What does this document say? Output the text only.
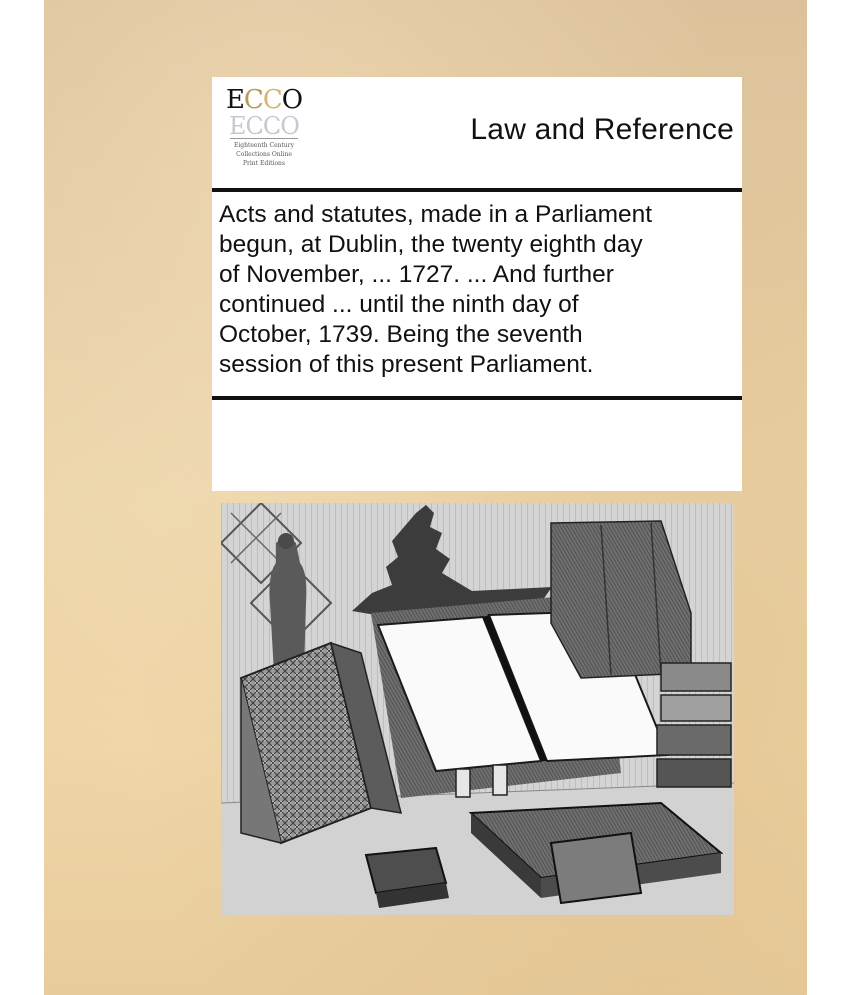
ECCO
ECCO
Eighteenth Century
Collections Online
Print Editions
Law and Reference
Acts and statutes, made in a Parliament
begun, at Dublin, the twenty eighth day
of November, ... 1727. ... And further
continued ... until the ninth day of
October, 1739. Being the seventh
session of this present Parliament.
